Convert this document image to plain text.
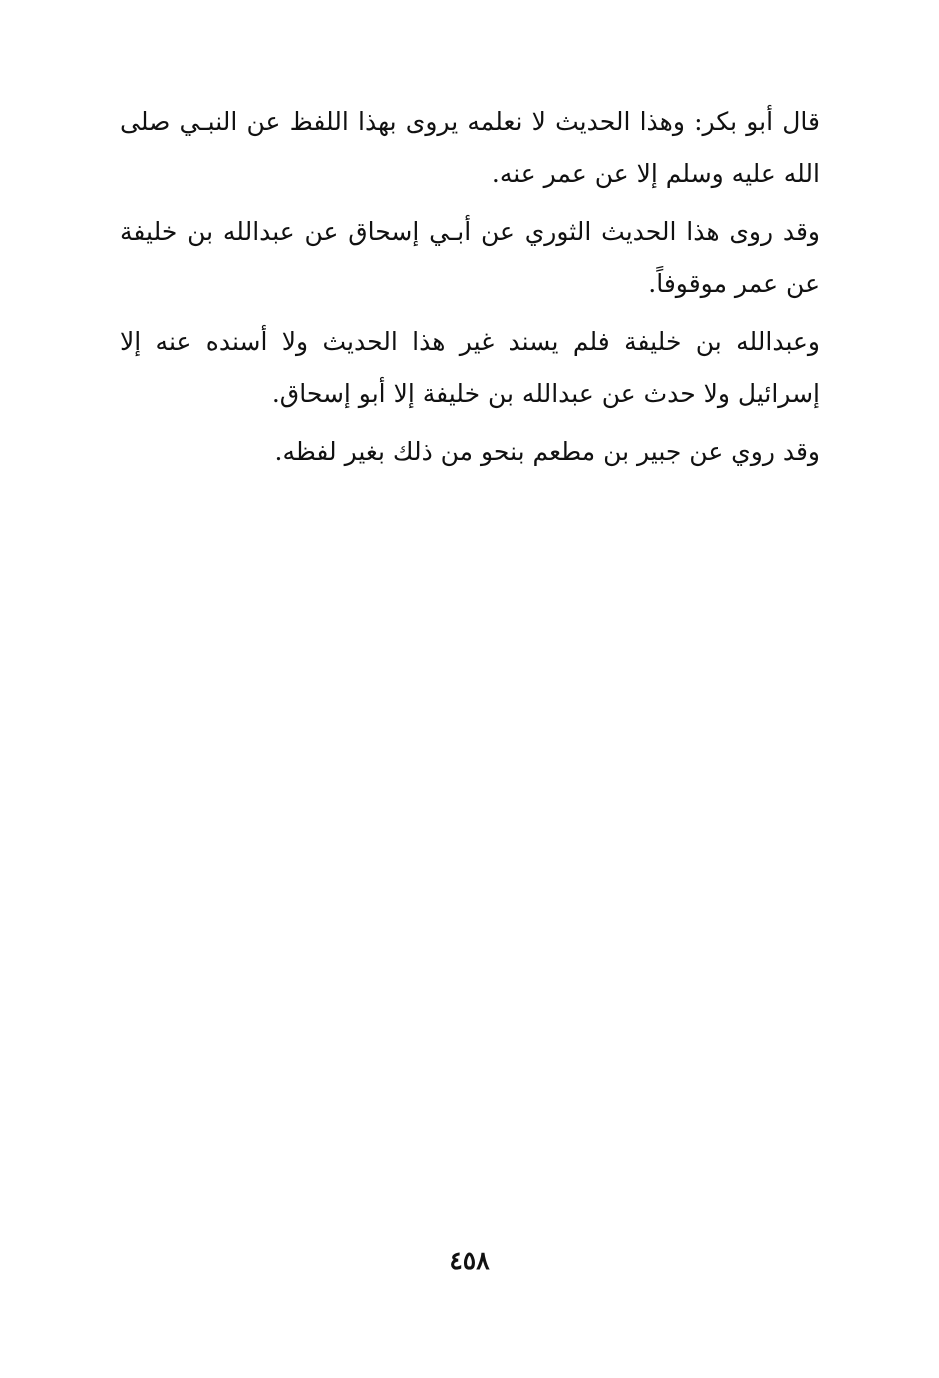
قال أبو بكر: وهذا الحديث لا نعلمه يروى بهذا اللفظ عن النبـي صلى الله عليه وسلم إلا عن عمر عنه.

وقد روى هذا الحديث الثوري عن أبـي إسحاق عن عبدالله بن خليفة عن عمر موقوفاً.

وعبدالله بن خليفة فلم يسند غير هذا الحديث ولا أسنده عنه إلا إسرائيل ولا حدث عن عبدالله بن خليفة إلا أبو إسحاق.

وقد روي عن جبير بن مطعم بنحو من ذلك بغير لفظه.

٤٥٨
